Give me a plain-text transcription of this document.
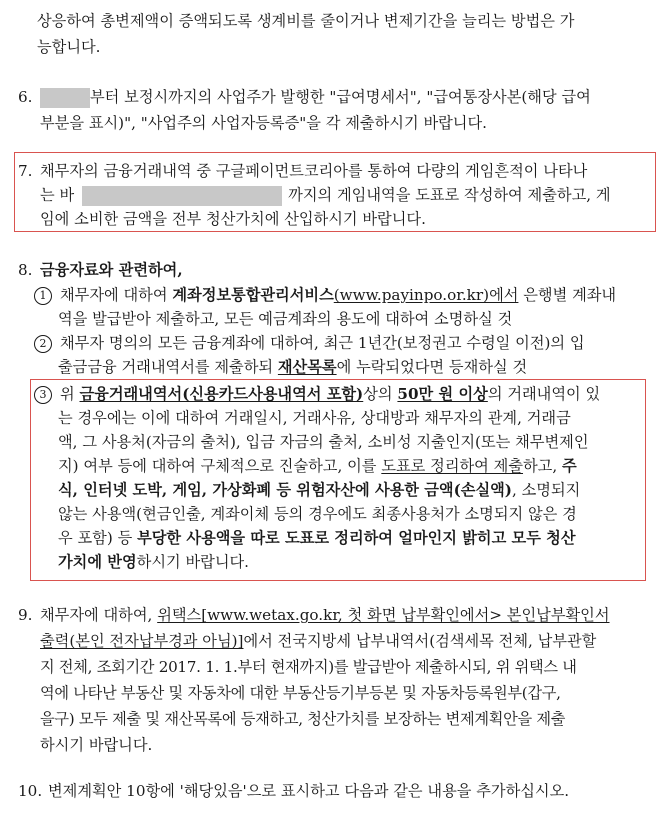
상응하여 총변제액이 증액되도록 생계비를 줄이거나 변제기간을 늘리는 방법은 가
능합니다.
6.	부터 보정시까지의 사업주가 발행한 "급여명세서", "급여통장사본(해당 급여
부분을 표시)", "사업주의 사업자등록증"을 각 제출하시기 바랍니다.
7. 채무자의 금융거래내역 중 구글페이먼트코리아를 통하여 다량의 게임흔적이 나타나
는 바	까지의 게임내역을 도표로 작성하여 제출하고, 게
임에 소비한 금액을 전부 청산가치에 산입하시기 바랍니다.
8. 금융자료와 관련하여,
1 채무자에 대하여 계좌정보통합관리서비스(www.payinpo.or.kr)에서 은행별 계좌내
역을 발급받아 제출하고, 모든 예금계좌의 용도에 대하여 소명하실 것
2 채무자 명의의 모든 금융계좌에 대하여, 최근 1년간(보정권고 수령일 이전)의 입
출금금융 거래내역서를 제출하되 재산목록에 누락되었다면 등재하실 것
3 위 금융거래내역서(신용카드사용내역서 포함)상의 50만 원 이상의 거래내역이 있
는 경우에는 이에 대하여 거래일시, 거래사유, 상대방과 채무자의 관계, 거래금
액, 그 사용처(자금의 출처), 입금 자금의 출처, 소비성 지출인지(또는 채무변제인
지) 여부 등에 대하여 구체적으로 진술하고, 이를 도표로 정리하여 제출하고, 주
식, 인터넷 도박, 게임, 가상화폐 등 위험자산에 사용한 금액(손실액), 소명되지
않는 사용액(현금인출, 계좌이체 등의 경우에도 최종사용처가 소명되지 않은 경
우 포함) 등 부당한 사용액을 따로 도표로 정리하여 얼마인지 밝히고 모두 청산
가치에 반영하시기 바랍니다.
9. 채무자에 대하여, 위택스[www.wetax.go.kr, 첫 화면 납부확인에서> 본인납부확인서
출력(본인 전자납부경과 아님)]에서 전국지방세 납부내역서(검색세목 전체, 납부관할
지 전체, 조회기간 2017. 1. 1.부터 현재까지)를 발급받아 제출하시되, 위 위택스 내
역에 나타난 부동산 및 자동차에 대한 부동산등기부등본 및 자동차등록원부(갑구,
을구) 모두 제출 및 재산목록에 등재하고, 청산가치를 보장하는 변제계획안을 제출
하시기 바랍니다.
10. 변제계획안 10항에 '해당있음'으로 표시하고 다음과 같은 내용을 추가하십시오.
